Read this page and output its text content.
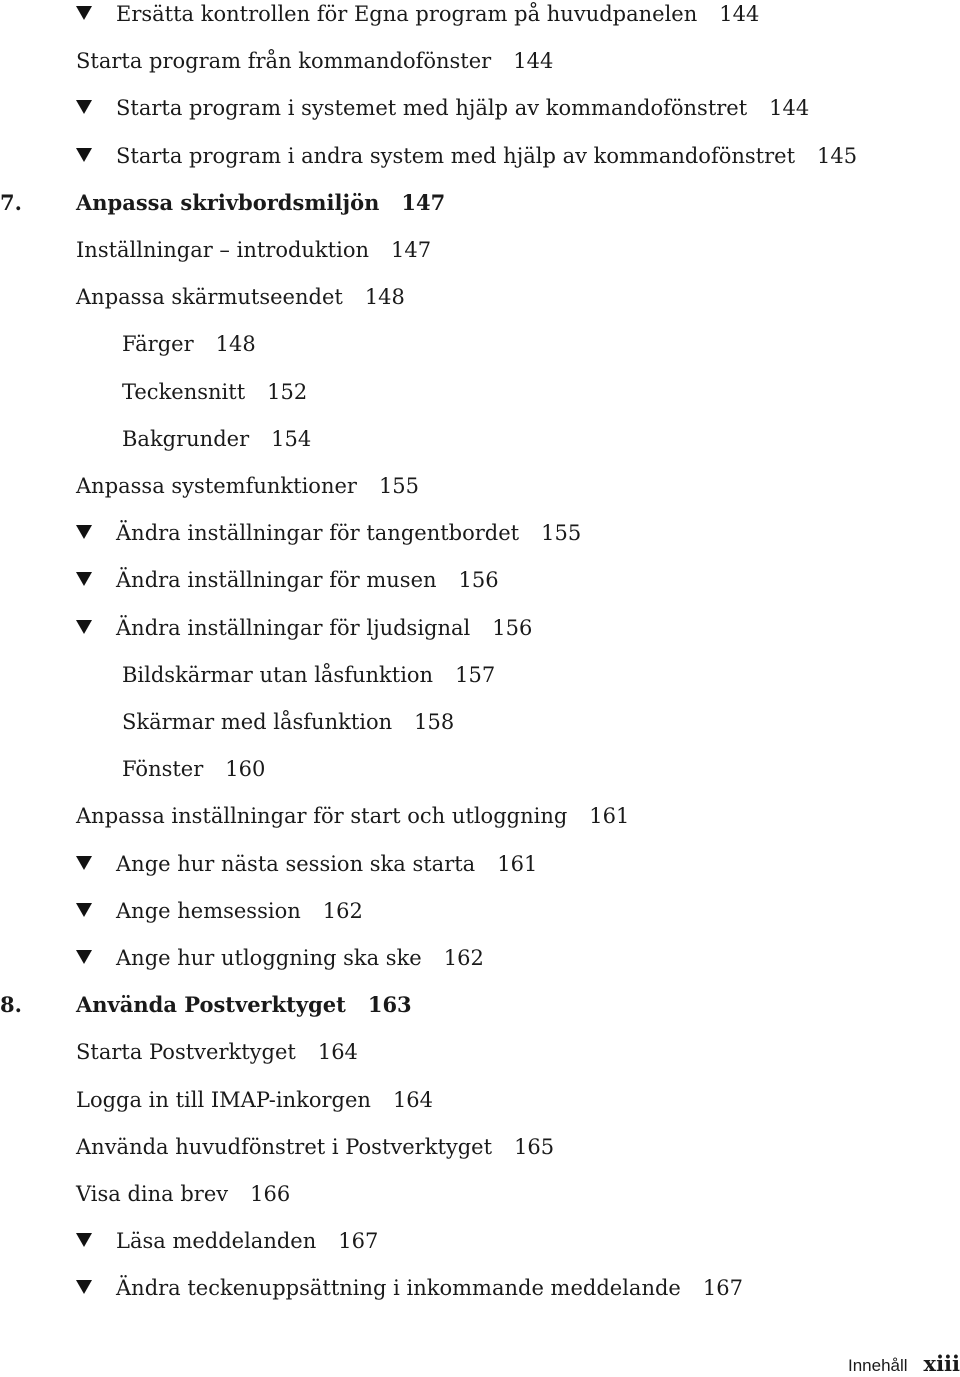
Ersätta kontrollen för Egna program på huvudpanelen 144
Starta program från kommandofönster 144
Starta program i systemet med hjälp av kommandofönstret 144
Starta program i andra system med hjälp av kommandofönstret 145
7.	Anpassa skrivbordsmiljön 147
Inställningar – introduktion 147
Anpassa skärmutseendet 148
Färger 148
Teckensnitt 152
Bakgrunder 154
Anpassa systemfunktioner 155
Ändra inställningar för tangentbordet 155
Ändra inställningar för musen 156
Ändra inställningar för ljudsignal 156
Bildskärmar utan låsfunktion 157
Skärmar med låsfunktion 158
Fönster 160
Anpassa inställningar för start och utloggning 161
Ange hur nästa session ska starta 161
Ange hemsession 162
Ange hur utloggning ska ske 162
8.	Använda Postverktyget 163
Starta Postverktyget 164
Logga in till IMAP-inkorgen 164
Använda huvudfönstret i Postverktyget 165
Visa dina brev 166
Läsa meddelanden 167
Ändra teckenuppsättning i inkommande meddelande 167
Innehåll xiii
